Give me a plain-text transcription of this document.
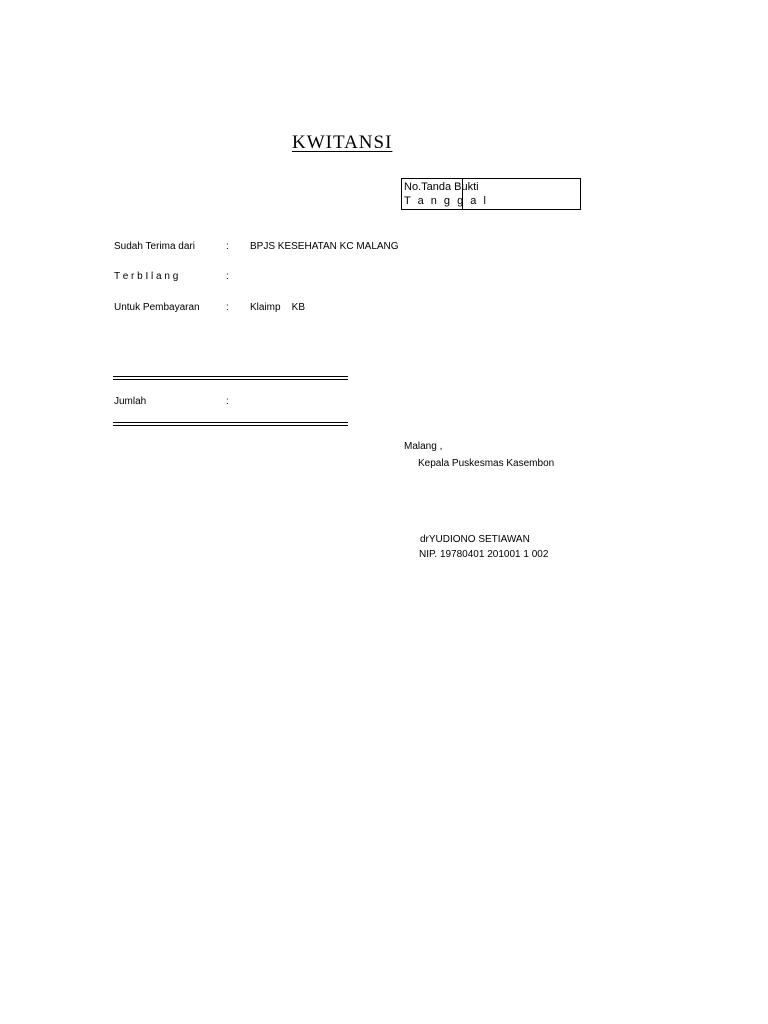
KWITANSI
No.Tanda Bukti
T a n g g a l
Sudah Terima dari	: BPJS KESEHATAN KC MALANG
T e r b I l a n g	:
Untuk Pembayaran	: Klaimp    KB
Jumlah	:
Malang ,
Kepala Puskesmas Kasembon
drYUDIONO SETIAWAN
NIP. 19780401 201001 1 002
